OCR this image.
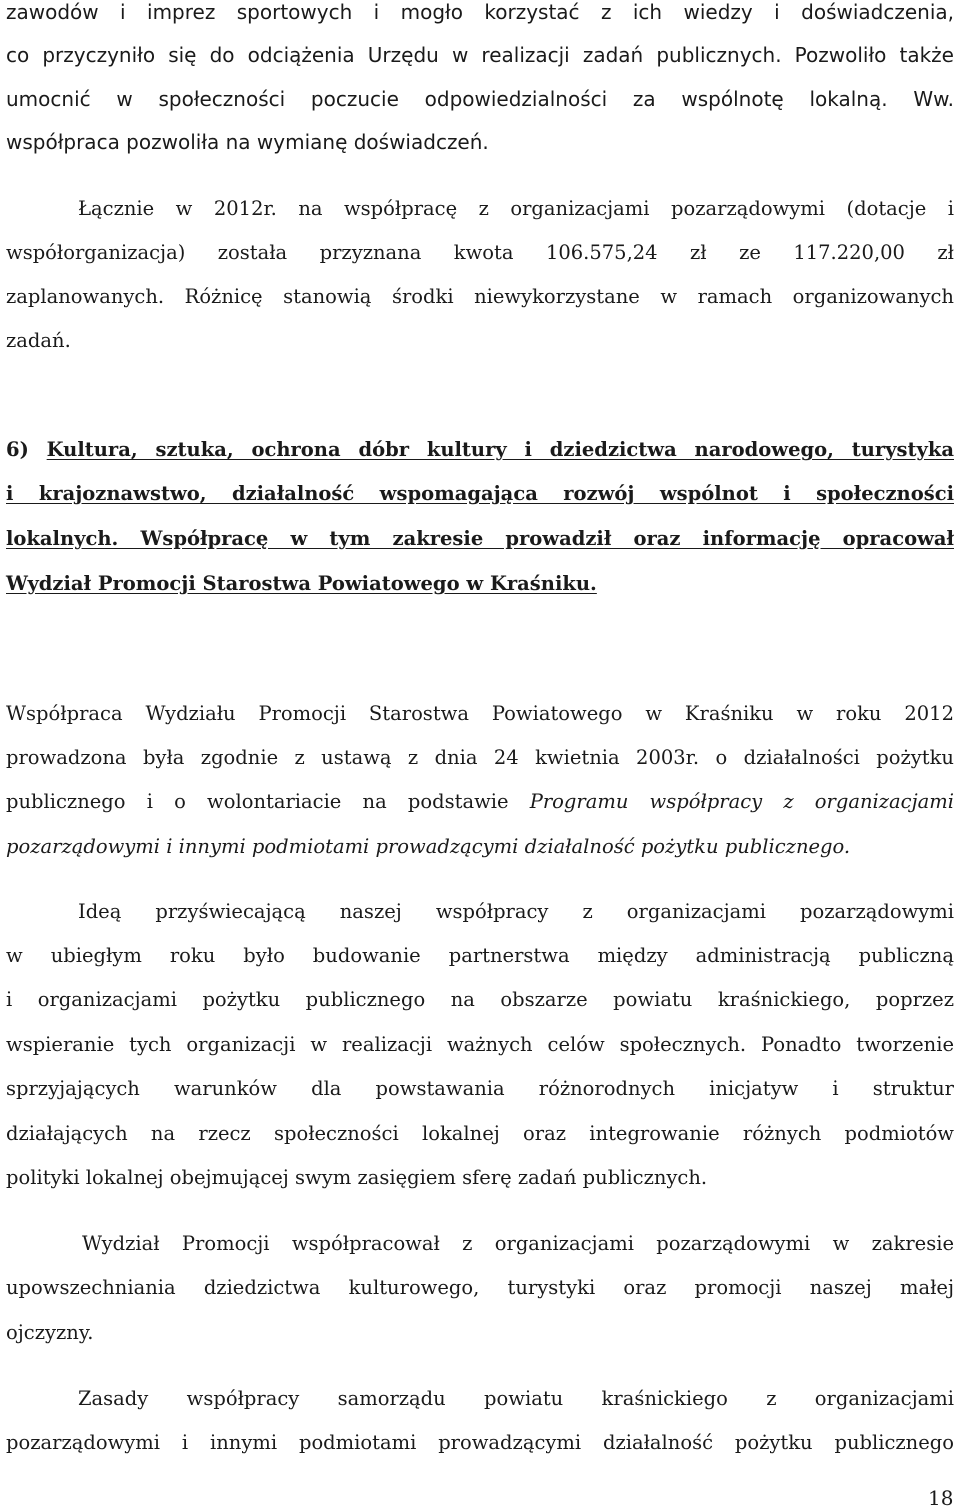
zawodów i imprez sportowych i mogło korzystać z ich wiedzy i doświadczenia,

co przyczyniło się do odciążenia Urzędu w realizacji zadań publicznych. Pozwoliło także

umocnić w społeczności poczucie odpowiedzialności za wspólnotę lokalną. Ww.

współpraca pozwoliła na wymianę doświadczeń.

Łącznie w 2012r. na współpracę z organizacjami pozarządowymi (dotacje i

współorganizacja) została przyznana kwota 106.575,24 zł ze 117.220,00 zł

zaplanowanych. Różnicę stanowią środki niewykorzystane w ramach organizowanych

zadań.

6) Kultura, sztuka, ochrona dóbr kultury i dziedzictwa narodowego, turystyka

i krajoznawstwo, działalność wspomagająca rozwój wspólnot i społeczności

lokalnych. Współpracę w tym zakresie prowadził oraz informację opracował

Wydział Promocji Starostwa Powiatowego w Kraśniku.

Współpraca Wydziału Promocji Starostwa Powiatowego w Kraśniku w roku 2012

prowadzona była zgodnie z ustawą z dnia 24 kwietnia 2003r. o działalności pożytku

publicznego i o wolontariacie na podstawie Programu współpracy z organizacjami

pozarządowymi i innymi podmiotami prowadzącymi działalność pożytku publicznego.

Ideą przyświecającą naszej współpracy z organizacjami pozarządowymi

w ubiegłym roku było budowanie partnerstwa między administracją publiczną

i organizacjami pożytku publicznego na obszarze powiatu kraśnickiego, poprzez

wspieranie tych organizacji w realizacji ważnych celów społecznych. Ponadto tworzenie

sprzyjających warunków dla powstawania różnorodnych inicjatyw i struktur

działających na rzecz społeczności lokalnej oraz integrowanie różnych podmiotów

polityki lokalnej obejmującej swym zasięgiem sferę zadań publicznych.

Wydział Promocji współpracował z organizacjami pozarządowymi w zakresie

upowszechniania dziedzictwa kulturowego, turystyki oraz promocji naszej małej

ojczyzny.

Zasady współpracy samorządu powiatu kraśnickiego z organizacjami

pozarządowymi i innymi podmiotami prowadzącymi działalność pożytku publicznego

18
